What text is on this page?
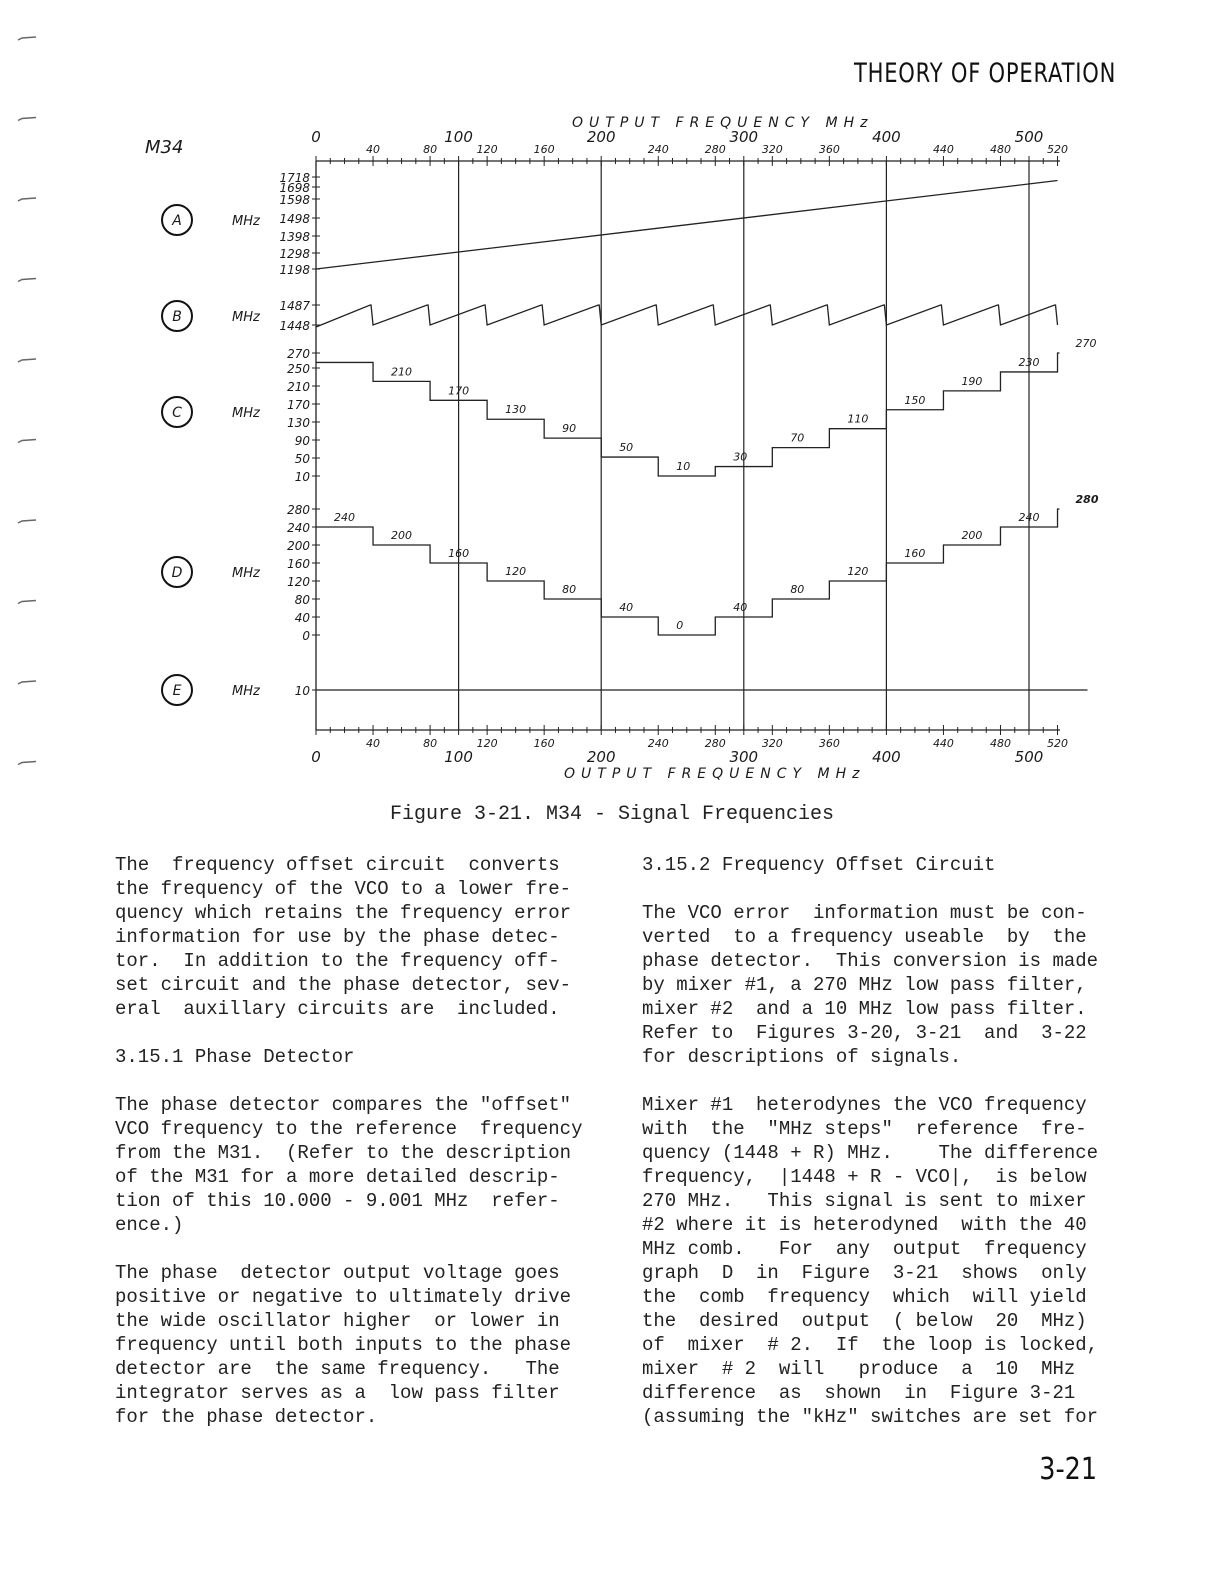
THEORY OF OPERATION
M34
OUTPUT FREQUENCY MHz
0	100	200	300	400	500
40	80	120	160	240	280	320	360	440	480	520
OUTPUT FREQUENCY MHz
0	100	200	300	400	500
40	80	120	160	240	280	320	360	440	480	520
A	MHz
1718
1698
1598
1498
1398
1298
1198
B	MHz
1487
1448
C	MHz
270
250
210
170
130
90
50
10
210
170
130
90
50
10
30
70
110
150
190
230
270
D	MHz
280
240
200
160
120
80
40
0
240
200
160
120
80
40
0
40
80
120
160
200
240
280
E	MHz	10
Figure 3-21. M34 - Signal Frequencies
The  frequency offset circuit  converts
the frequency of the VCO to a lower fre-
quency which retains the frequency error
information for use by the phase detec-
tor.  In addition to the frequency off-
set circuit and the phase detector, sev-
eral  auxillary circuits are  included.

3.15.1 Phase Detector

The phase detector compares the "offset"
VCO frequency to the reference  frequency
from the M31.  (Refer to the description
of the M31 for a more detailed descrip-
tion of this 10.000 - 9.001 MHz  refer-
ence.)
The phase  detector output voltage goes
positive or negative to ultimately drive
the wide oscillator higher  or lower in
frequency until both inputs to the phase
detector are  the same frequency.   The
integrator serves as a  low pass filter
for the phase detector.

3.15.2 Frequency Offset Circuit

The VCO error  information must be con-
verted  to a frequency useable  by  the
phase detector.  This conversion is made
by mixer #1, a 270 MHz low pass filter,
mixer #2  and a 10 MHz low pass filter.
Refer to  Figures 3-20, 3-21  and  3-22
for descriptions of signals.
Mixer #1  heterodynes the VCO frequency
with  the  "MHz steps"  reference  fre-
quency (1448 + R) MHz.    The difference
frequency,  |1448 + R - VCO|,  is below
270 MHz.   This signal is sent to mixer
#2 where it is heterodyned  with the 40
MHz comb.   For  any  output  frequency
graph  D  in  Figure  3-21  shows  only
the  comb  frequency  which  will yield
the  desired  output  ( below  20  MHz)
of  mixer  # 2.  If  the loop is locked,
mixer  # 2  will   produce  a  10  MHz
difference  as  shown  in  Figure 3-21
(assuming the "kHz" switches are set for
3-21
